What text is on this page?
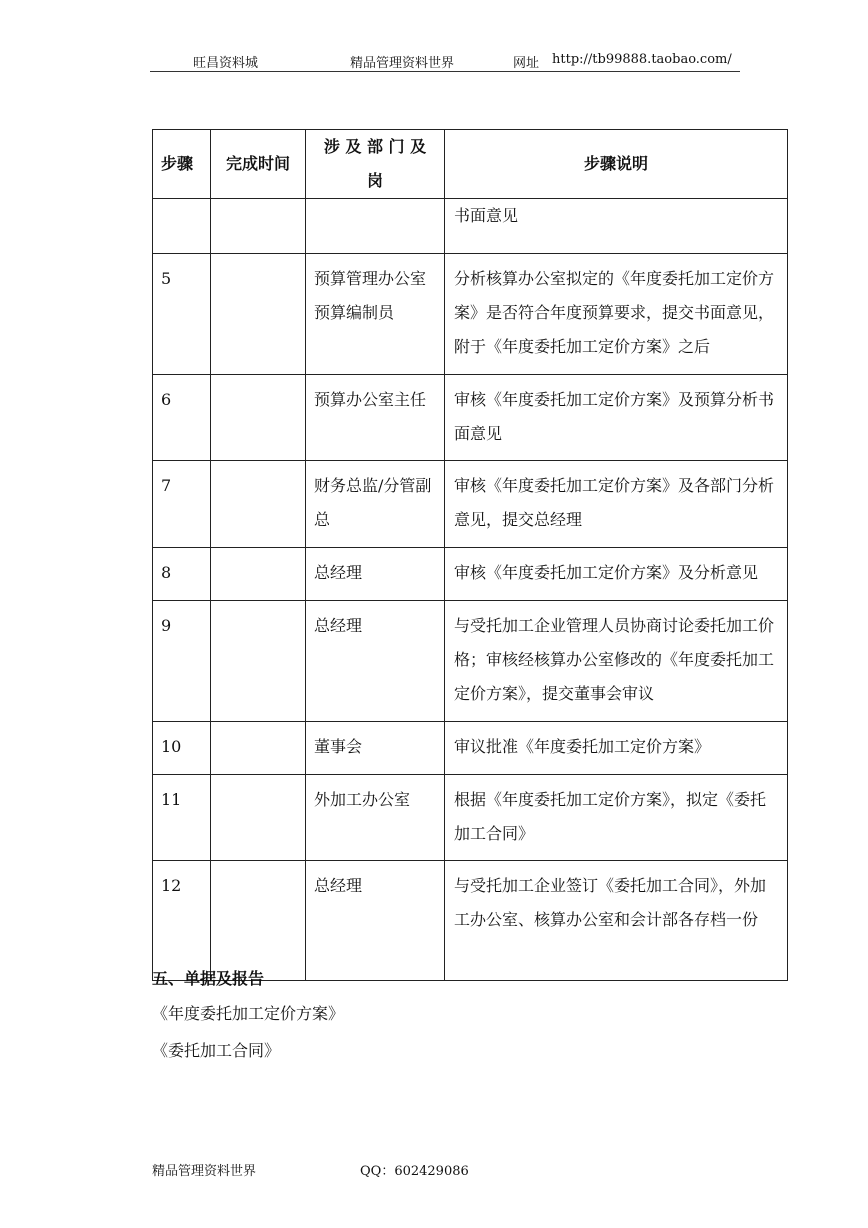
旺昌资料城	精品管理资料世界	网址 http://tb99888.taobao.com/
步骤	完成时间	涉 及 部 门 及 岗	步骤说明

			书面意见

5		预算管理办公室预算编制员	分析核算办公室拟定的《年度委托加工定价方案》是否符合年度预算要求，提交书面意见，附于《年度委托加工定价方案》之后

6		预算办公室主任	审核《年度委托加工定价方案》及预算分析书面意见

7		财务总监/分管副总	审核《年度委托加工定价方案》及各部门分析意见，提交总经理

8		总经理	审核《年度委托加工定价方案》及分析意见

9		总经理	与受托加工企业管理人员协商讨论委托加工价格；审核经核算办公室修改的《年度委托加工定价方案》，提交董事会审议

10		董事会	审议批准《年度委托加工定价方案》

11		外加工办公室	根据《年度委托加工定价方案》，拟定《委托加工合同》

12		总经理	与受托加工企业签订《委托加工合同》，外加工办公室、核算办公室和会计部各存档一份
五、单据及报告
《年度委托加工定价方案》
《委托加工合同》
精品管理资料世界	QQ：602429086
